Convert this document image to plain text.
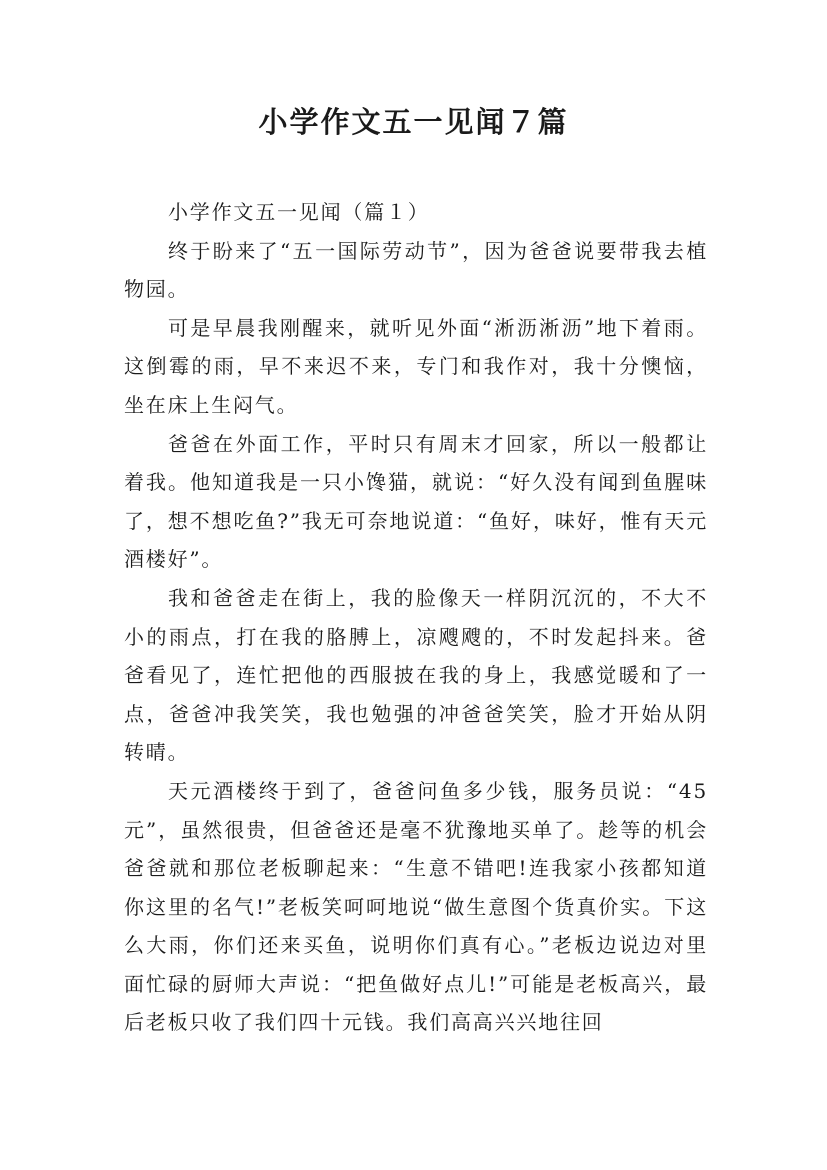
小学作文五一见闻７篇

小学作文五一见闻（篇１）

终于盼来了“五一国际劳动节”，因为爸爸说要带我去植物园。

可是早晨我刚醒来，就听见外面“淅沥淅沥”地下着雨。这倒霉的雨，早不来迟不来，专门和我作对，我十分懊恼，坐在床上生闷气。

爸爸在外面工作，平时只有周末才回家，所以一般都让着我。他知道我是一只小馋猫，就说：“好久没有闻到鱼腥味了，想不想吃鱼?”我无可奈地说道：“鱼好，味好，惟有天元酒楼好”。

我和爸爸走在街上，我的脸像天一样阴沉沉的，不大不小的雨点，打在我的胳膊上，凉飕飕的，不时发起抖来。爸爸看见了，连忙把他的西服披在我的身上，我感觉暖和了一点，爸爸冲我笑笑，我也勉强的冲爸爸笑笑，脸才开始从阴转晴。

天元酒楼终于到了，爸爸问鱼多少钱，服务员说：“45元”，虽然很贵，但爸爸还是毫不犹豫地买单了。趁等的机会爸爸就和那位老板聊起来：“生意不错吧!连我家小孩都知道你这里的名气!”老板笑呵呵地说“做生意图个货真价实。下这么大雨，你们还来买鱼，说明你们真有心。”老板边说边对里面忙碌的厨师大声说：“把鱼做好点儿!”可能是老板高兴，最后老板只收了我们四十元钱。我们高高兴兴地往回
